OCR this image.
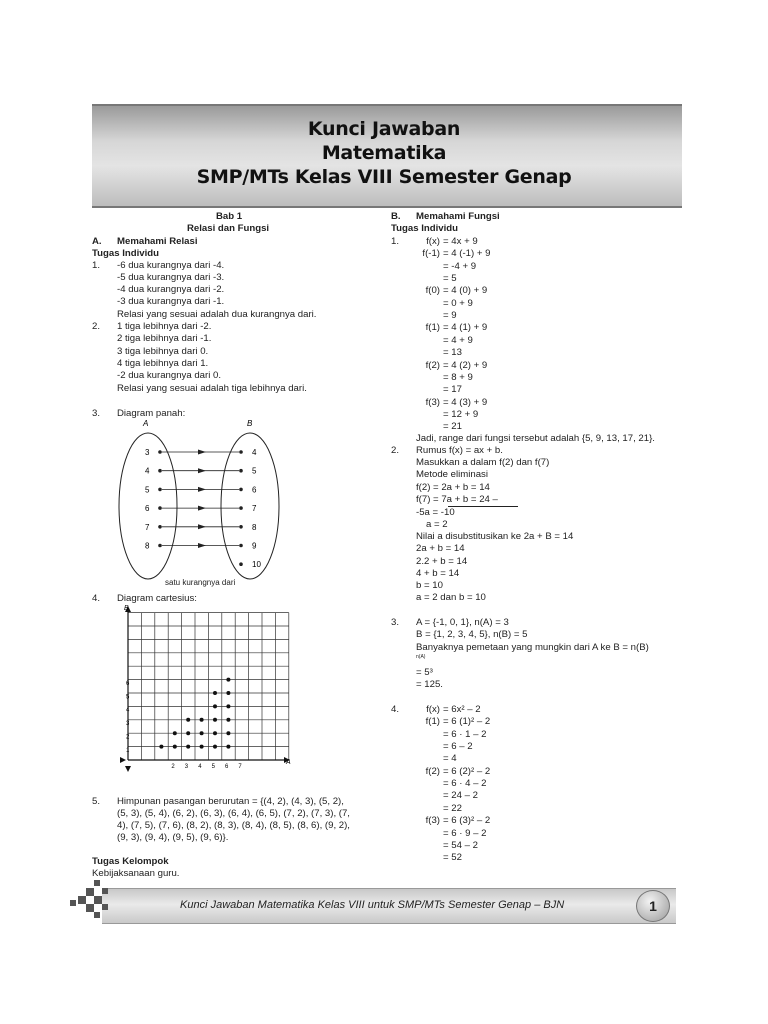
Kunci Jawaban
Matematika
SMP/MTs Kelas VIII Semester Genap
Bab 1
Relasi dan Fungsi
A. Memahami Relasi
Tugas Individu
1. -6 dua kurangnya dari -4.
-5 dua kurangnya dari -3.
-4 dua kurangnya dari -2.
-3 dua kurangnya dari -1.
Relasi yang sesuai adalah dua kurangnya dari.
2. 1 tiga lebihnya dari -2.
2 tiga lebihnya dari -1.
3 tiga lebihnya dari 0.
4 tiga lebihnya dari 1.
-2 dua kurangnya dari 0.
Relasi yang sesuai adalah tiga lebihnya dari.
3. Diagram panah:
4. Diagram cartesius:
5. Himpunan pasangan berurutan = {(4, 2), (4, 3), (5, 2),
(5, 3), (5, 4), (6, 2), (6, 3), (6, 4), (6, 5), (7, 2), (7, 3), (7,
4), (7, 5), (7, 6), (8, 2), (8, 3), (8, 4), (8, 5), (8, 6), (9, 2),
(9, 3), (9, 4), (9, 5), (9, 6)}.
Tugas Kelompok
Kebijaksanaan guru.
A	B
3
4
5
6
7
8
4
5
6
7
8
9
10
satu kurangnya dari
B
A
1
2
3
4
5
6
2 3 4 5 6 7
B. Memahami Fungsi
Tugas Individu
1.	f(x) = 4x + 9
f(-1) = 4 (-1) + 9
= -4 + 9
= 5
f(0) = 4 (0) + 9
= 0 + 9
= 9
f(1) = 4 (1) + 9
= 4 + 9
= 13
f(2) = 4 (2) + 9
= 8 + 9
= 17
f(3) = 4 (3) + 9
= 12 + 9
= 21
Jadi, range dari fungsi tersebut adalah {5, 9, 13, 17, 21}.
2. Rumus f(x) = ax + b.
Masukkan a dalam f(2) dan f(7)
Metode eliminasi
f(2) = 2a + b = 14
f(7) = 7a + b = 24 –
-5a = -10
a = 2
Nilai a disubstitusikan ke 2a + B = 14
2a + b = 14
2.2 + b = 14
4 + b = 14
b = 10
a = 2 dan b = 10
3. A = {-1, 0, 1}, n(A) = 3
B = {1, 2, 3, 4, 5}, n(B) = 5
Banyaknya pemetaan yang mungkin dari A ke B = n(B)
n(A)
= 5³
= 125.
4.	f(x) = 6x² – 2
f(1) = 6 (1)² – 2
= 6 · 1 – 2
= 6 – 2
= 4
f(2) = 6 (2)² – 2
= 6 · 4 – 2
= 24 – 2
= 22
f(3) = 6 (3)² – 2
= 6 · 9 – 2
= 54 – 2
= 52
Kunci Jawaban Matematika Kelas VIII untuk SMP/MTs Semester Genap – BJN	1
